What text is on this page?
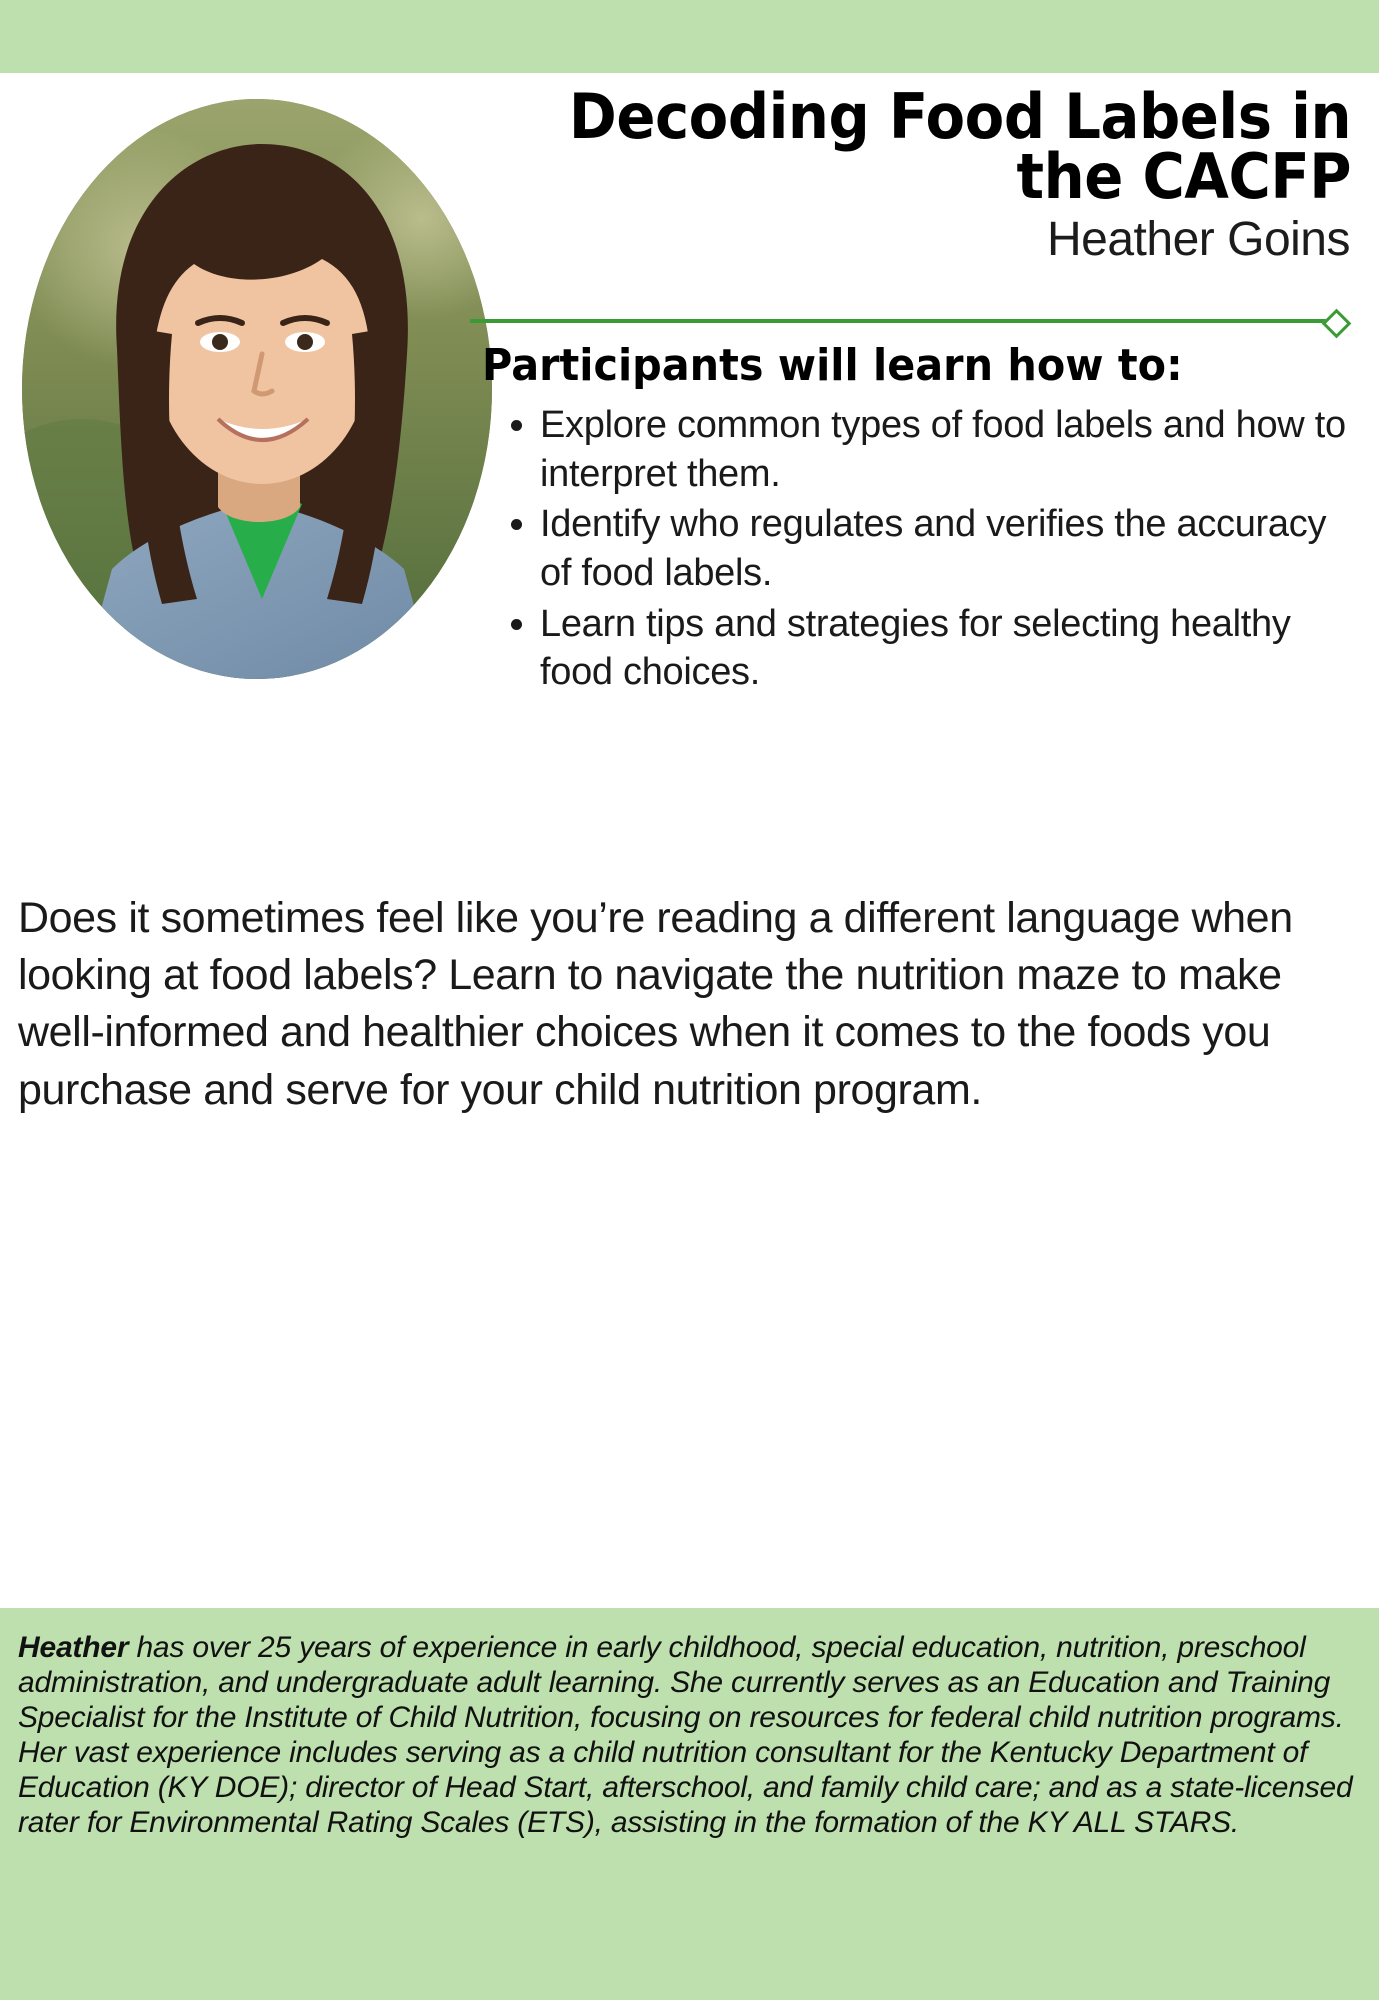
Decoding Food Labels in the CACFP
Heather Goins
Participants will learn how to:
• Explore common types of food labels and how to interpret them.
• Identify who regulates and verifies the accuracy of food labels.
• Learn tips and strategies for selecting healthy food choices.
Does it sometimes feel like you’re reading a different language when looking at food labels? Learn to navigate the nutrition maze to make well-informed and healthier choices when it comes to the foods you purchase and serve for your child nutrition program.
Heather has over 25 years of experience in early childhood, special education, nutrition, preschool administration, and undergraduate adult learning. She currently serves as an Education and Training Specialist for the Institute of Child Nutrition, focusing on resources for federal child nutrition programs. Her vast experience includes serving as a child nutrition consultant for the Kentucky Department of Education (KY DOE); director of Head Start, afterschool, and family child care; and as a state-licensed rater for Environmental Rating Scales (ETS), assisting in the formation of the KY ALL STARS.
